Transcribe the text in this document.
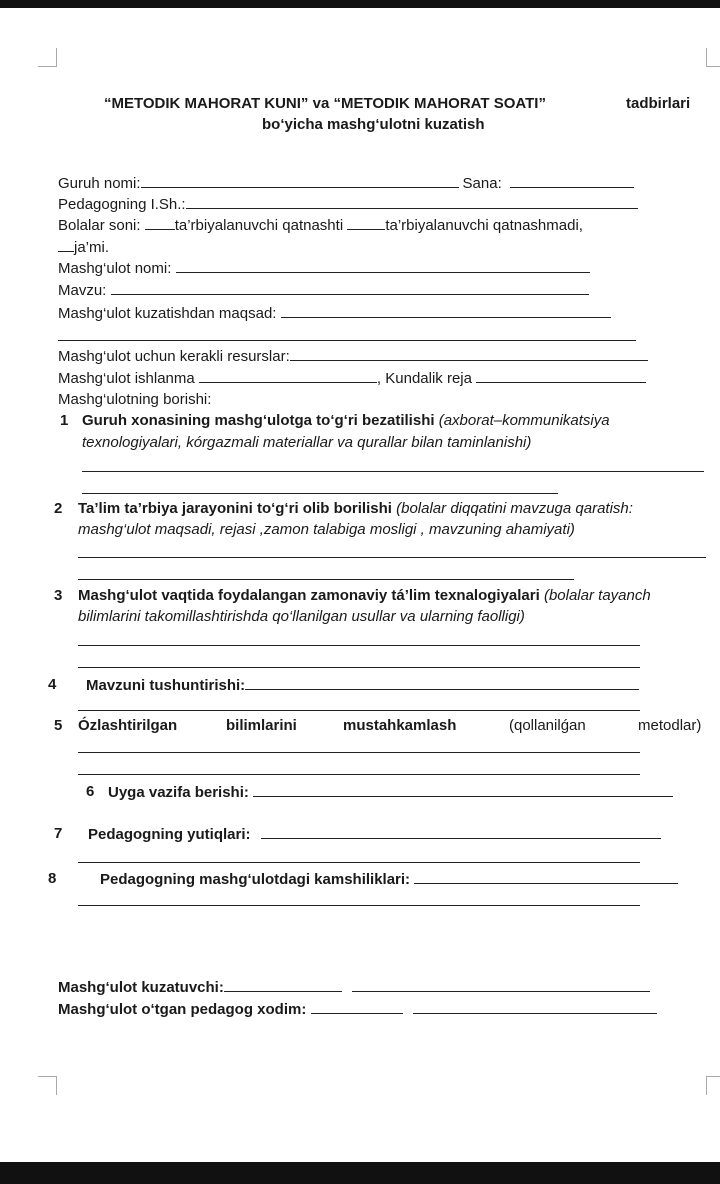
“METODIK MAHORAT KUNI” va “METODIK MAHORAT SOATI”	tadbirlari
bo‘yicha mashg‘ulotni kuzatish
Guruh nomi:	Sana:
Pedagogning I.Sh.:
Bolalar soni: ta’rbiyalanuvchi qatnashti	ta’rbiyalanuvchi qatnashmadi,
ja’mi.
Mashg‘ulot nomi:
Mavzu:
Mashg‘ulot kuzatishdan maqsad:
Mashg‘ulot uchun kerakli resurslar:
Mashg‘ulot ishlanma	, Kundalik reja
Mashg‘ulotning borishi:
1 Guruh xonasining mashg‘ulotga to‘g‘ri bezatilishi (axborat–kommunikatsiya
texnologiyalari, kórgazmali materiallar va qurallar bilan taminlanishi)
2 Ta’lim ta’rbiya jarayonini to‘g‘ri olib borilishi (bolalar diqqatini mavzuga qaratish:
mashg‘ulot maqsadi, rejasi ,zamon talabiga mosligi , mavzuning ahamiyati)
3 Mashg‘ulot vaqtida foydalangan zamonaviy tá’lim texnalogiyalari (bolalar tayanch
bilimlarini takomillashtirishda qo‘llanilgan usullar va ularning faolligi)
4 Mavzuni tushuntirishi:
5 Ózlashtirilgan	bilimlarini	mustahkamlash	(qollanilǵan	metodlar)
6 Uyga vazifa berishi:
7 Pedagogning yutiqlari:
8	Pedagogning mashg‘ulotdagi kamshiliklari:
Mashg‘ulot kuzatuvchi:
Mashg‘ulot o‘tgan pedagog xodim:
